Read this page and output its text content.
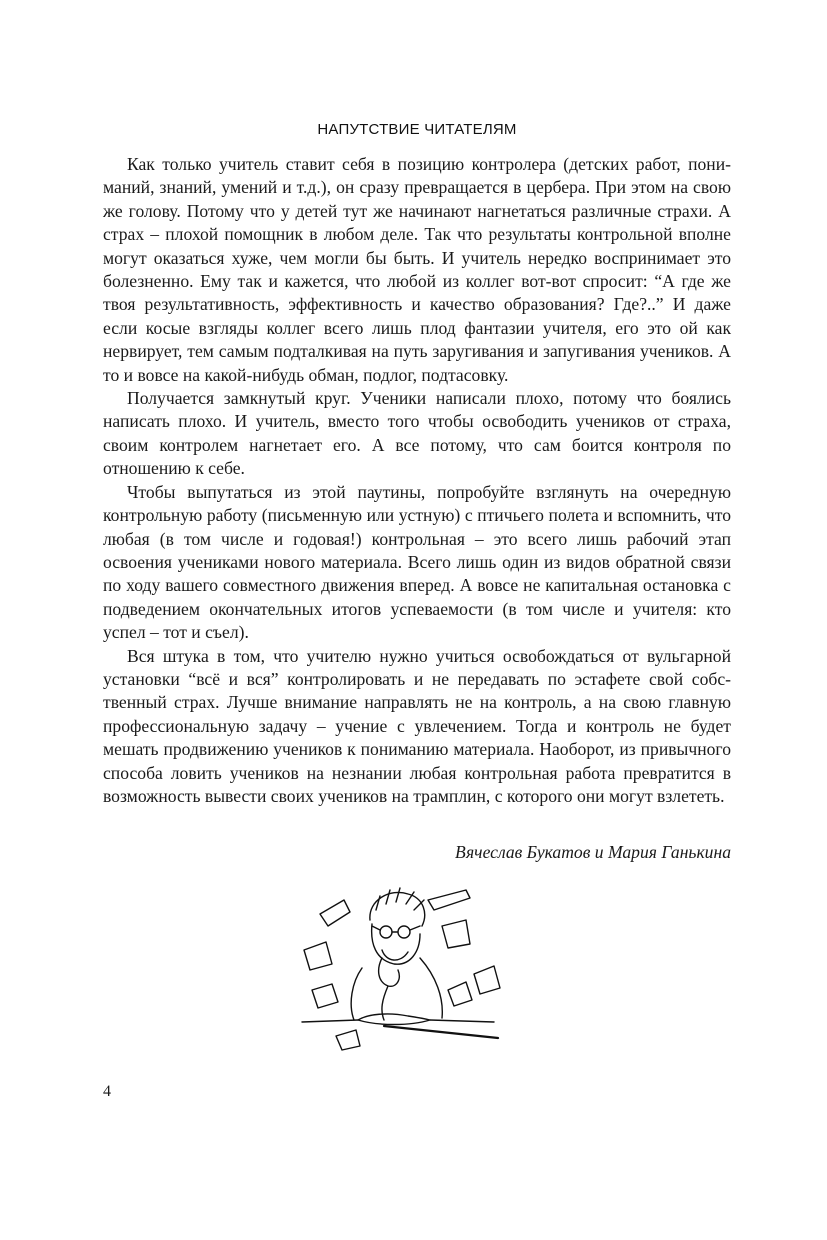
НАПУТСТВИЕ ЧИТАТЕЛЯМ

Как только учитель ставит себя в позицию контролера (детских работ, пониманий, знаний, умений и т.д.), он сразу превращается в цербера. При этом на свою же голову. Потому что у детей тут же начинают нагнетаться различные страхи. А страх – плохой помощник в любом деле. Так что результаты контрольной вполне могут оказаться хуже, чем могли бы быть. И учитель нередко воспринимает это болезненно. Ему так и кажется, что любой из коллег вот-вот спросит: “А где же твоя результативность, эффективность и качество образования? Где?..” И даже если косые взгляды коллег всего лишь плод фантазии учителя, его это ой как нервирует, тем самым подталкивая на путь заругивания и запугивания учеников. А то и вовсе на какой-нибудь обман, подлог, подтасовку.

Получается замкнутый круг. Ученики написали плохо, потому что боялись написать плохо. И учитель, вместо того чтобы освободить учеников от страха, своим контролем нагнетает его. А все потому, что сам боится контроля по отношению к себе.

Чтобы выпутаться из этой паутины, попробуйте взглянуть на очередную контрольную работу (письменную или устную) с птичьего полета и вспомнить, что любая (в том числе и годовая!) контрольная – это всего лишь рабочий этап освоения учениками нового материала. Всего лишь один из видов обратной связи по ходу вашего совместного движения вперед. А вовсе не капитальная остановка с подведением окончательных итогов успеваемости (в том числе и учителя: кто успел – тот и съел).

Вся штука в том, что учителю нужно учиться освобождаться от вульгарной установки “всё и вся” контролировать и не передавать по эстафете свой собственный страх. Лучше внимание направлять не на контроль, а на свою главную профессиональную задачу – учение с увлечением. Тогда и контроль не будет мешать продвижению учеников к пониманию материала. Наоборот, из привычного способа ловить учеников на незнании любая контрольная работа превратится в возможность вывести своих учеников на трамплин, с которого они могут взлететь.

Вячеслав Букатов и Мария Ганькина
4
